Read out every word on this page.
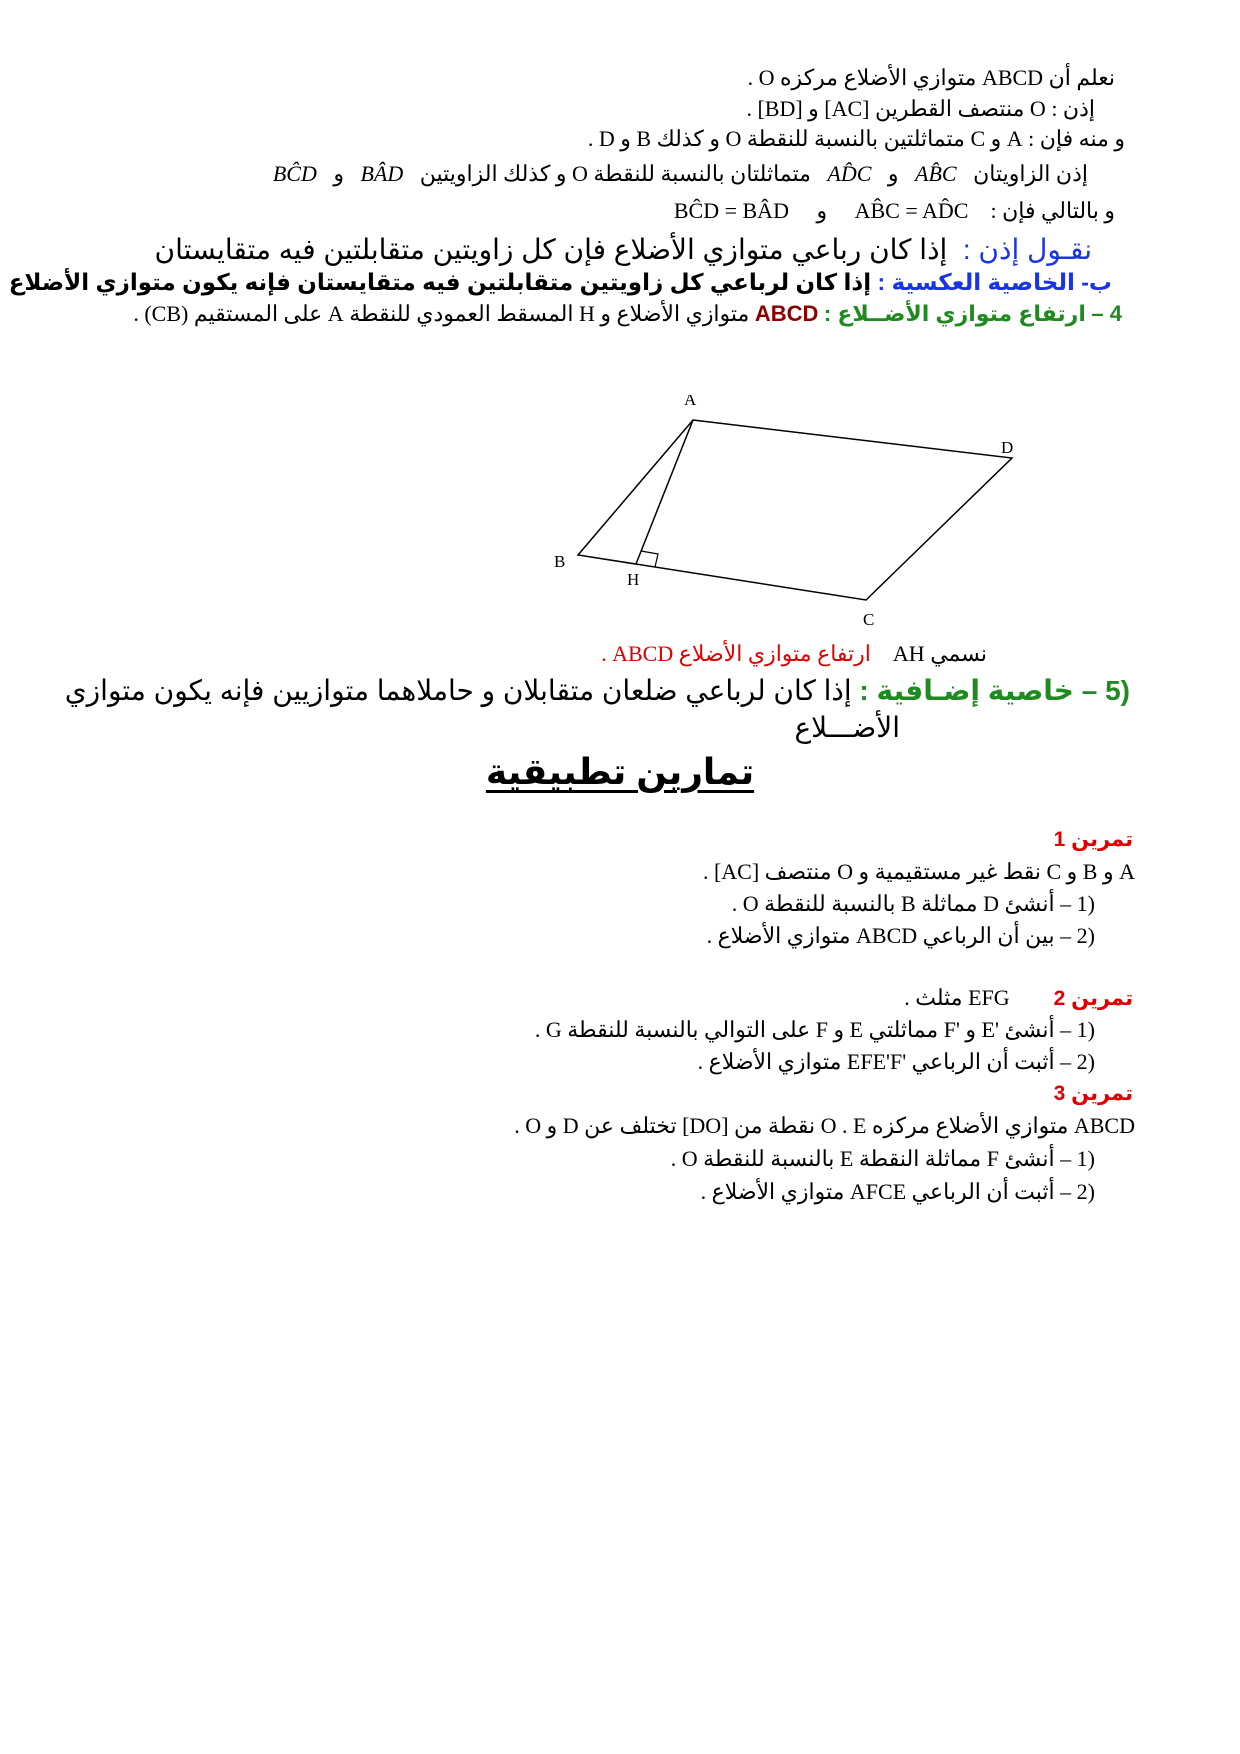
نعلم أن ABCD متوازي الأضلاع مركزه O .
إذن : O منتصف القطرين [AC] و [BD] .
و منه فإن : A و C متماثلتين بالنسبة للنقطة O و كذلك B و D .
إذن الزاويتان   AB̂C   و   AD̂C   متماثلتان بالنسبة للنقطة O و كذلك الزاويتين   BÂD   و   BĈD
و بالتالي فإن :    AB̂C = AD̂C     و     BĈD = BÂD
نقـول إذن :  إذا كان رباعي متوازي الأضلاع فإن كل زاويتين متقابلتين فيه متقايستان
ب- الخاصية العكسية : إذا كان لرباعي كل زاويتين متقابلتين فيه متقايستان فإنه يكون متوازي الأضلاع
4 – ارتفاع متوازي الأضــلاع : ABCD متوازي الأضلاع و H المسقط العمودي للنقطة A على المستقيم (CB) .
A
D
B
H
C
نسمي AH    ارتفاع متوازي الأضلاع ABCD .
(5 – خاصية إضـافية : إذا كان لرباعي ضلعان متقابلان و حاملاهما متوازيين فإنه يكون متوازي
الأضـــلاع
تمارين تطبيقية
تمرين 1
A و B و C نقط غير مستقيمية و O منتصف [AC] .
(1 – أنشئ D مماثلة B بالنسبة للنقطة O .
(2 – بين أن الرباعي ABCD متوازي الأضلاع .
تمرين 2        EFG مثلث .
(1 – أنشئ 'E و 'F مماثلتي E و F على التوالي بالنسبة للنقطة G .
(2 – أثبت أن الرباعي 'EFE'F متوازي الأضلاع .
تمرين 3
ABCD متوازي الأضلاع مركزه O . E نقطة من [DO] تختلف عن D و O .
(1 – أنشئ F مماثلة النقطة E بالنسبة للنقطة O .
(2 – أثبت أن الرباعي AFCE متوازي الأضلاع .
